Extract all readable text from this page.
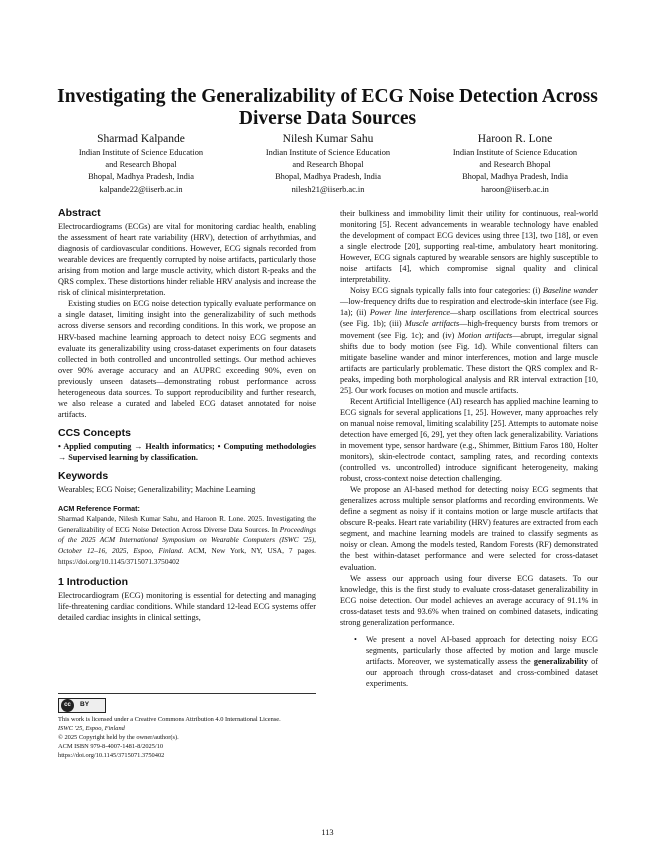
Investigating the Generalizability of ECG Noise Detection Across Diverse Data Sources
Sharmad Kalpande
Indian Institute of Science Education
and Research Bhopal
Bhopal, Madhya Pradesh, India
kalpande22@iiserb.ac.in
Nilesh Kumar Sahu
Indian Institute of Science Education
and Research Bhopal
Bhopal, Madhya Pradesh, India
nilesh21@iiserb.ac.in
Haroon R. Lone
Indian Institute of Science Education
and Research Bhopal
Bhopal, Madhya Pradesh, India
haroon@iiserb.ac.in
Abstract

Electrocardiograms (ECGs) are vital for monitoring cardiac health, enabling the assessment of heart rate variability (HRV), detection of arrhythmias, and diagnosis of cardiovascular conditions. However, ECG signals recorded from wearable devices are frequently corrupted by noise artifacts, particularly those arising from motion and large muscle activity, which distort R-peaks and the QRS complex. These distortions hinder reliable HRV analysis and increase the risk of clinical misinterpretation.

Existing studies on ECG noise detection typically evaluate performance on a single dataset, limiting insight into the generalizability of such methods across diverse sensors and recording conditions. In this work, we propose an HRV-based machine learning approach to detect noisy ECG segments and evaluate its generalizability using cross-dataset experiments on four datasets collected in both controlled and uncontrolled settings. Our method achieves over 90% average accuracy and an AUPRC exceeding 90%, even on previously unseen datasets—demonstrating robust performance across heterogeneous data sources. To support reproducibility and further research, we also release a curated and labeled ECG dataset annotated for noise artifacts.

CCS Concepts

• Applied computing → Health informatics; • Computing methodologies → Supervised learning by classification.

Keywords

Wearables; ECG Noise; Generalizability; Machine Learning

ACM Reference Format:

Sharmad Kalpande, Nilesh Kumar Sahu, and Haroon R. Lone. 2025. Investigating the Generalizability of ECG Noise Detection Across Diverse Data Sources. In Proceedings of the 2025 ACM International Symposium on Wearable Computers (ISWC '25), October 12–16, 2025, Espoo, Finland. ACM, New York, NY, USA, 7 pages. https://doi.org/10.1145/3715071.3750402

1 Introduction

Electrocardiogram (ECG) monitoring is essential for detecting and managing life-threatening cardiac conditions. While standard 12-lead ECG systems offer detailed cardiac insights in clinical settings,

cc	BY
This work is licensed under a Creative Commons Attribution 4.0 International License.
ISWC '25, Espoo, Finland
© 2025 Copyright held by the owner/author(s).
ACM ISBN 979-8-4007-1481-8/2025/10
https://doi.org/10.1145/3715071.3750402

their bulkiness and immobility limit their utility for continuous, real-world monitoring [5]. Recent advancements in wearable technology have enabled the development of compact ECG devices using three [13], two [18], or even a single electrode [20], supporting real-time, ambulatory heart monitoring. However, ECG signals captured by wearable sensors are highly susceptible to noise artifacts [4], which compromise signal quality and clinical interpretability.

Noisy ECG signals typically falls into four categories: (i) Baseline wander—low-frequency drifts due to respiration and electrode-skin interface (see Fig. 1a); (ii) Power line interference—sharp oscillations from electrical sources (see Fig. 1b); (iii) Muscle artifacts—high-frequency bursts from tremors or movement (see Fig. 1c); and (iv) Motion artifacts—abrupt, irregular signal shifts due to body motion (see Fig. 1d). While conventional filters can mitigate baseline wander and minor interferences, motion and large muscle artifacts are particularly problematic. These distort the QRS complex and R-peaks, impeding both morphological analysis and RR interval extraction [10, 25]. Our work focuses on motion and muscle artifacts.

Recent Artificial Intelligence (AI) research has applied machine learning to ECG signals for several applications [1, 25]. However, many approaches rely on manual noise removal, limiting scalability [25]. Attempts to automate noise detection have emerged [6, 29], yet they often lack generalizability. Variations in movement type, sensor hardware (e.g., Shimmer, Bittium Faros 180, Holter monitors), skin-electrode contact, sampling rates, and recording contexts (controlled vs. uncontrolled) introduce significant heterogeneity, making robust, cross-context noise detection challenging.

We propose an AI-based method for detecting noisy ECG segments that generalizes across multiple sensor platforms and recording environments. We define a segment as noisy if it contains motion or large muscle artifacts that obscure R-peaks. Heart rate variability (HRV) features are extracted from each segment, and machine learning models are trained to classify segments as noisy or clean. Among the models tested, Random Forests (RF) demonstrated the best within-dataset performance and were selected for cross-dataset evaluation.

We assess our approach using four diverse ECG datasets. To our knowledge, this is the first study to evaluate cross-dataset generalizability in ECG noise detection. Our model achieves an average accuracy of 91.1% in cross-dataset tests and 93.6% when trained on combined datasets, indicating strong generalization performance.

• We present a novel AI-based approach for detecting noisy ECG segments, particularly those affected by motion and large muscle artifacts. Moreover, we systematically assess the generalizability of our approach through cross-dataset and cross-combined dataset experiments.
113
